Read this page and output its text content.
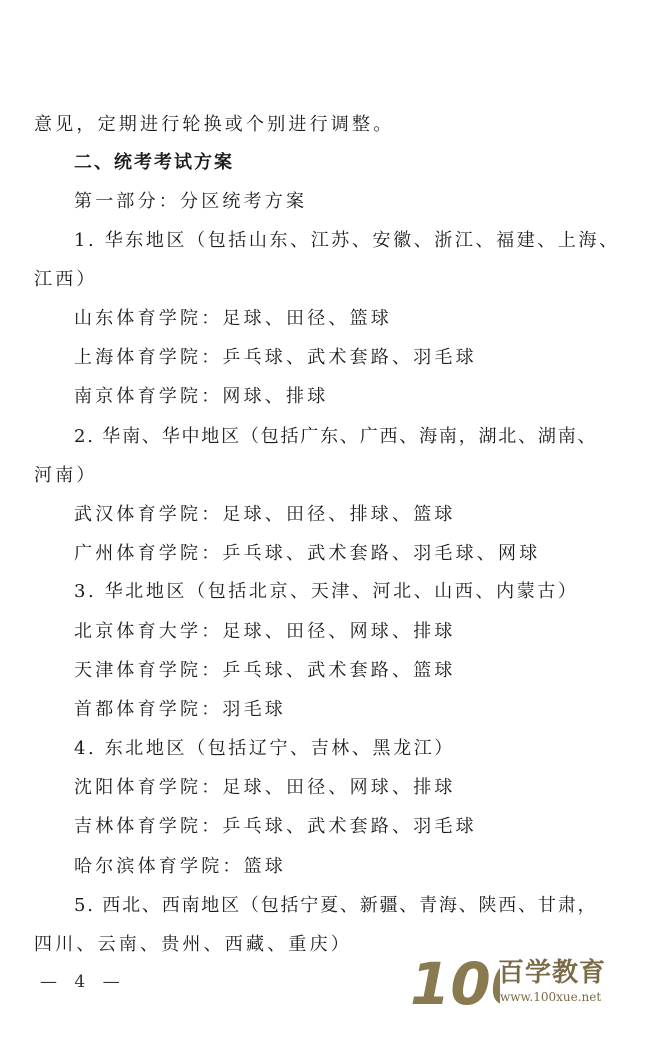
意见，定期进行轮换或个别进行调整。
二、统考考试方案
第一部分：分区统考方案
1. 华东地区（包括山东、江苏、安徽、浙江、福建、上海、
江西）
山东体育学院：足球、田径、篮球
上海体育学院：乒乓球、武术套路、羽毛球
南京体育学院：网球、排球
2. 华南、华中地区（包括广东、广西、海南，湖北、湖南、
河南）
武汉体育学院：足球、田径、排球、篮球
广州体育学院：乒乓球、武术套路、羽毛球、网球
3. 华北地区（包括北京、天津、河北、山西、内蒙古）
北京体育大学：足球、田径、网球、排球
天津体育学院：乒乓球、武术套路、篮球
首都体育学院：羽毛球
4. 东北地区（包括辽宁、吉林、黑龙江）
沈阳体育学院：足球、田径、网球、排球
吉林体育学院：乒乓球、武术套路、羽毛球
哈尔滨体育学院：篮球
5. 西北、西南地区（包括宁夏、新疆、青海、陕西、甘肃，
四川、云南、贵州、西藏、重庆）
— 4 —	10 百学教育
www.100xue.net
